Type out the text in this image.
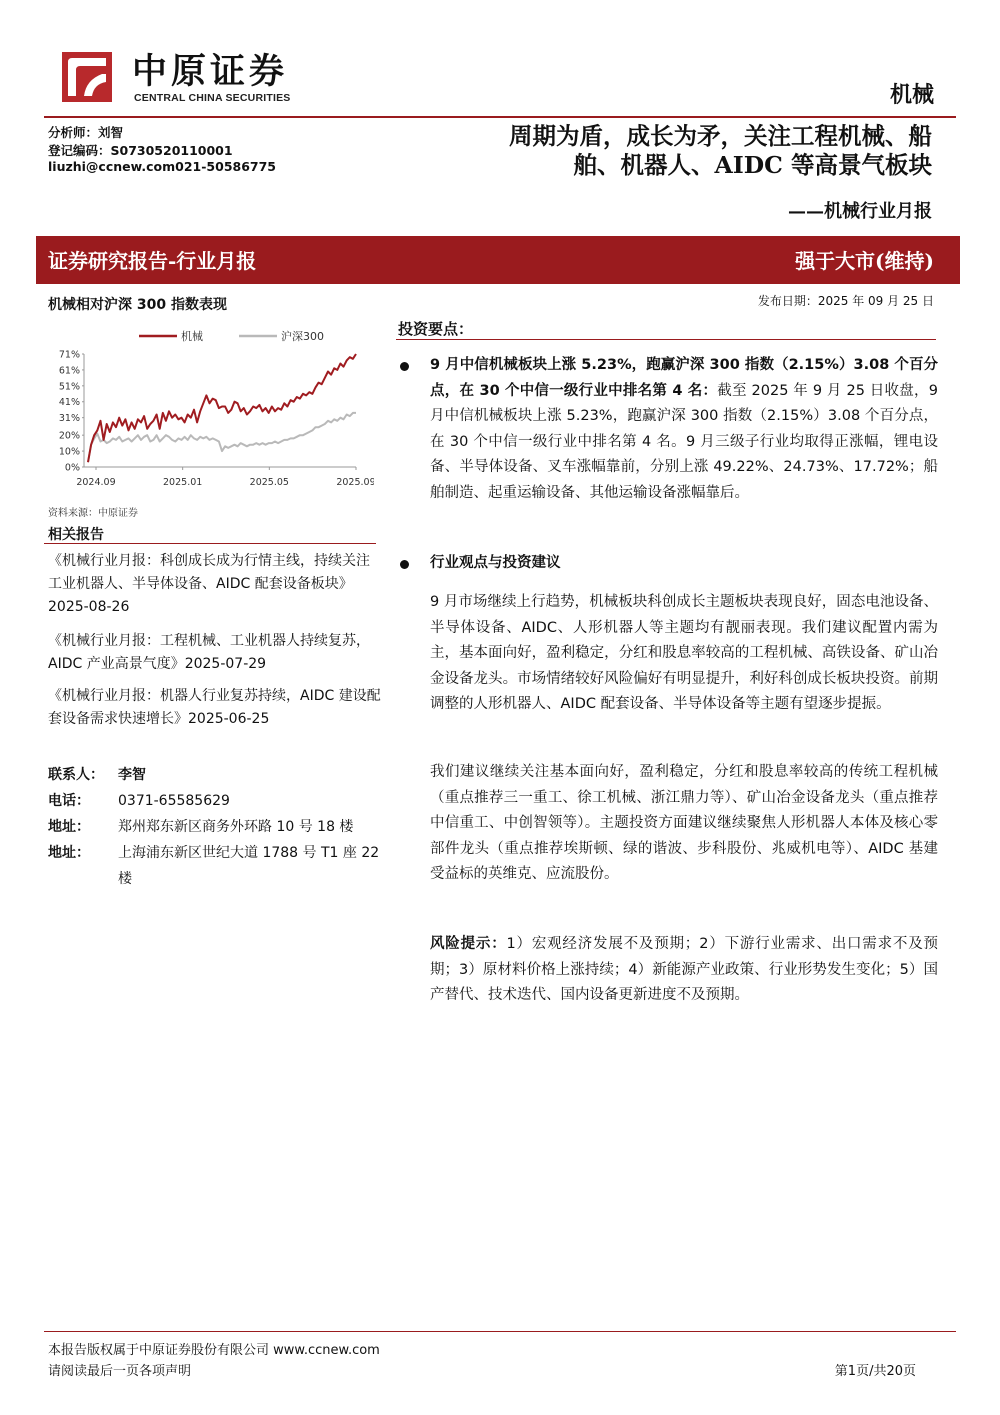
中原证券
CENTRAL CHINA SECURITIES	机械
分析师：刘智
登记编码：S0730520110001
liuzhi@ccnew.com021-50586775
周期为盾，成长为矛，关注工程机械、船
舶、机器人、AIDC 等高景气板块
——机械行业月报
证券研究报告-行业月报	强于大市(维持)
机械相对沪深 300 指数表现
机械	沪深300
71%
61%
51%
41%
31%
20%
10%
0%
2024.09	2025.01	2025.05	2025.09
资料来源：中原证券
相关报告
《机械行业月报：科创成长成为行情主线，持续关注工业机器人、半导体设备、AIDC 配套设备板块》2025-08-26
《机械行业月报：工程机械、工业机器人持续复苏，AIDC 产业高景气度》2025-07-29
《机械行业月报：机器人行业复苏持续，AIDC 建设配套设备需求快速增长》2025-06-25
联系人： 李智
电话： 0371-65585629
地址： 郑州郑东新区商务外环路 10 号 18 楼
地址： 上海浦东新区世纪大道 1788 号 T1 座 22 楼
发布日期：2025 年 09 月 25 日
投资要点：
9 月中信机械板块上涨 5.23%，跑赢沪深 300 指数（2.15%）3.08 个百分点，在 30 个中信一级行业中排名第 4 名：截至 2025 年 9 月 25 日收盘，9 月中信机械板块上涨 5.23%，跑赢沪深 300 指数（2.15%）3.08 个百分点，在 30 个中信一级行业中排名第 4 名。9 月三级子行业均取得正涨幅，锂电设备、半导体设备、叉车涨幅靠前，分别上涨 49.22%、24.73%、17.72%；船舶制造、起重运输设备、其他运输设备涨幅靠后。
行业观点与投资建议
9 月市场继续上行趋势，机械板块科创成长主题板块表现良好，固态电池设备、半导体设备、AIDC、人形机器人等主题均有靓丽表现。我们建议配置内需为主，基本面向好，盈利稳定，分红和股息率较高的工程机械、高铁设备、矿山冶金设备龙头。市场情绪较好风险偏好有明显提升，利好科创成长板块投资。前期调整的人形机器人、AIDC 配套设备、半导体设备等主题有望逐步提振。
我们建议继续关注基本面向好，盈利稳定，分红和股息率较高的传统工程机械（重点推荐三一重工、徐工机械、浙江鼎力等）、矿山冶金设备龙头（重点推荐中信重工、中创智领等）。主题投资方面建议继续聚焦人形机器人本体及核心零部件龙头（重点推荐埃斯顿、绿的谐波、步科股份、兆威机电等）、AIDC 基建受益标的英维克、应流股份。
风险提示：1）宏观经济发展不及预期；2）下游行业需求、出口需求不及预期；3）原材料价格上涨持续；4）新能源产业政策、行业形势发生变化；5）国产替代、技术迭代、国内设备更新进度不及预期。
本报告版权属于中原证券股份有限公司 www.ccnew.com
请阅读最后一页各项声明	第1页/共20页
